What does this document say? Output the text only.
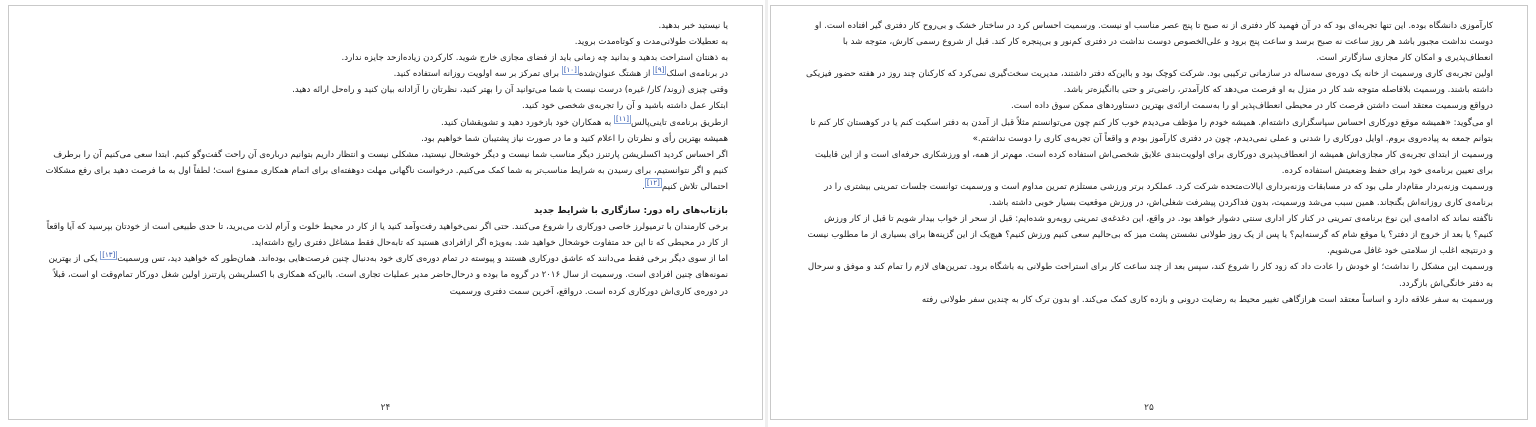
یا نیستید خبر بدهید.
به تعطیلات طولانی‌مدت و کوتاه‌مدت بروید.
به ذهنتان استراحت بدهید و بدانید چه زمانی باید از فضای مجازی خارج شوید. کارکردن زیاده‌ازحد جایزه ندارد.
در برنامه‌ی اسلک[۹] از هشتگ عنوان‌شده[۱۰] برای تمرکز بر سه اولویت روزانه استفاده کنید.
وقتی چیزی (روند/ کار/ غیره) درست نیست یا شما می‌توانید آن را بهتر کنید، نظرتان را آزادانه بیان کنید و راه‌حل ارائه دهید.
ابتکار عمل داشته باشید و آن را تجربه‌ی شخصی خود کنید.
ازطریق برنامه‌ی تاینی‌پالس[۱۱] به همکاران خود بازخورد دهید و تشویقشان کنید.
همیشه بهترین رأی و نظرتان را اعلام کنید و ما در صورت نیاز پشتیبان شما خواهیم بود.
اگر احساس کردید اکسلریشن پارتنرز دیگر مناسب شما نیست و دیگر خوشحال نیستید، مشکلی نیست و انتظار داریم بتوانیم درباره‌ی آن راحت گفت‌وگو کنیم. ابتدا سعی می‌کنیم آن را برطرف کنیم و اگر نتوانستیم، برای رسیدن به شرایط مناسب‌تر به شما کمک می‌کنیم. درخواست ناگهانی مهلت دوهفته‌ای برای اتمام همکاری ممنوع است؛ لطفاً اول به ما فرصت دهید برای رفع مشکلات احتمالی تلاش کنیم[۱۲].
بازتاب‌های راه دور: سازگاری با شرایط جدید
برخی کارمندان با ترمیولرز خاصی دورکاری را شروع می‌کنند. حتی اگر نمی‌خواهید رفت‌وآمد کنید یا از کار در محیط خلوت و آرام لذت می‌برید، تا حدی طبیعی است از خودتان بپرسید که آیا واقعاً از کار در محیطی که تا این حد متفاوت خوشحال خواهید شد. به‌ویژه اگر ازافرادی هستید که تابه‌حال فقط مشاغل دفتری رایج داشته‌اید.
اما از سوی دیگر برخی فقط می‌دانند که عاشق دورکاری هستند و پیوسته در تمام دوره‌ی کاری خود به‌دنبال چنین فرصت‌هایی بوده‌اند. همان‌طور که خواهید دید، تس ورسمیت[۱۳] یکی از بهترین نمونه‌های چنین افرادی است. ورسمیت از سال ۲۰۱۶ در گروه ما بوده و درحال‌حاضر مدیر عملیات تجاری است. بااین‌که همکاری با اکسلریشن پارتنرز اولین شغل دورکار تمام‌وقت او است، قبلاً در دوره‌ی کاری‌اش دورکاری کرده است. درواقع، آخرین سمت دفتری ورسمیت
۲۴
کارآموزی دانشگاه بوده. این تنها تجربه‌ای بود که در آن فهمید کار دفتری از نه صبح تا پنج عصر مناسب او نیست. ورسمیت احساس کرد در ساختار خشک و بی‌روح کار دفتری گیر افتاده است. او دوست نداشت مجبور باشد هر روز ساعت نه صبح برسد و ساعت پنج برود و علی‌الخصوص دوست نداشت در دفتری کم‌نور و بی‌پنجره کار کند. قبل از شروع رسمی کارش، متوجه شد با انعطاف‌پذیری و امکان کار مجازی سازگارتر است.
اولین تجربه‌ی کاری ورسمیت از خانه یک دوره‌ی سه‌ساله در سازمانی ترکیبی بود. شرکت کوچک بود و بااین‌که دفتر داشتند، مدیریت سخت‌گیری نمی‌کرد که کارکنان چند روز در هفته حضور فیزیکی داشته باشند. ورسمیت بلافاصله متوجه شد کار در منزل به او فرصت می‌دهد که کارآمدتر، راضی‌تر و حتی باانگیزه‌تر باشد.
درواقع ورسمیت معتقد است داشتن فرصت کار در محیطی انعطاف‌پذیر او را به‌سمت ارائه‌ی بهترین دستاوردهای ممکن سوق داده است.
او می‌گوید: «همیشه موقع دورکاری احساس سپاسگزاری داشته‌ام. همیشه خودم را مؤظف می‌دیدم خوب کار کنم چون می‌توانستم مثلاً قبل از آمدن به دفتر اسکیت کنم یا در کوهستان کار کنم تا بتوانم جمعه به پیاده‌روی بروم. اوایل دورکاری را شدنی و عملی نمی‌دیدم، چون در دفتری کارآموز بودم و واقعاً آن تجربه‌ی کاری را دوست نداشتم.»
ورسمیت از ابتدای تجربه‌ی کار مجازی‌اش همیشه از انعطاف‌پذیری دورکاری برای اولویت‌بندی علایق شخصی‌اش استفاده کرده است. مهم‌تر از همه، او ورزشکاری حرفه‌ای است و از این قابلیت برای تعیین برنامه‌ی خود برای حفظ وضعیتش استفاده کرده.
ورسمیت وزنه‌بردار مقام‌دار ملی بود که در مسابقات وزنه‌برداری ایالات‌متحده شرکت کرد. عملکرد برتر ورزشی مستلزم تمرین مداوم است و ورسمیت توانست جلسات تمرینی بیشتری را در برنامه‌ی کاری روزانه‌اش بگنجاند. همین سبب می‌شد ورسمیت، بدون فداکردن پیشرفت شغلی‌اش، در ورزش موقعیت بسیار خوبی داشته باشد.
ناگفته نماند که ادامه‌ی این نوع برنامه‌ی تمرینی در کنار کار اداری سنتی دشوار خواهد بود. در واقع، این دغدغه‌ی تمرینی روبه‌رو شده‌ایم: قبل از سحر از خواب بیدار شویم تا قبل از کار ورزش کنیم؟ یا بعد از خروج از دفتر؟ یا موقع شام که گرسنه‌ایم؟ یا پس از یک روز طولانی نشستن پشت میز که بی‌حالیم سعی کنیم ورزش کنیم؟ هیچ‌یک از این گزینه‌ها برای بسیاری از ما مطلوب نیست و درنتیجه اغلب از سلامتی خود غافل می‌شویم.
ورسمیت این مشکل را نداشت؛ او خودش را عادت داد که زود کار را شروع کند، سپس بعد از چند ساعت کار برای استراحت طولانی به باشگاه برود. تمرین‌های لازم را تمام کند و موفق و سرحال به دفتر خانگی‌اش بازگردد.
ورسمیت به سفر علاقه دارد و اساساً معتقد است هرازگاهی تغییر محیط به رضایت درونی و بازده کاری کمک می‌کند. او بدون ترک کار به چندین سفر طولانی رفته
۲۵
